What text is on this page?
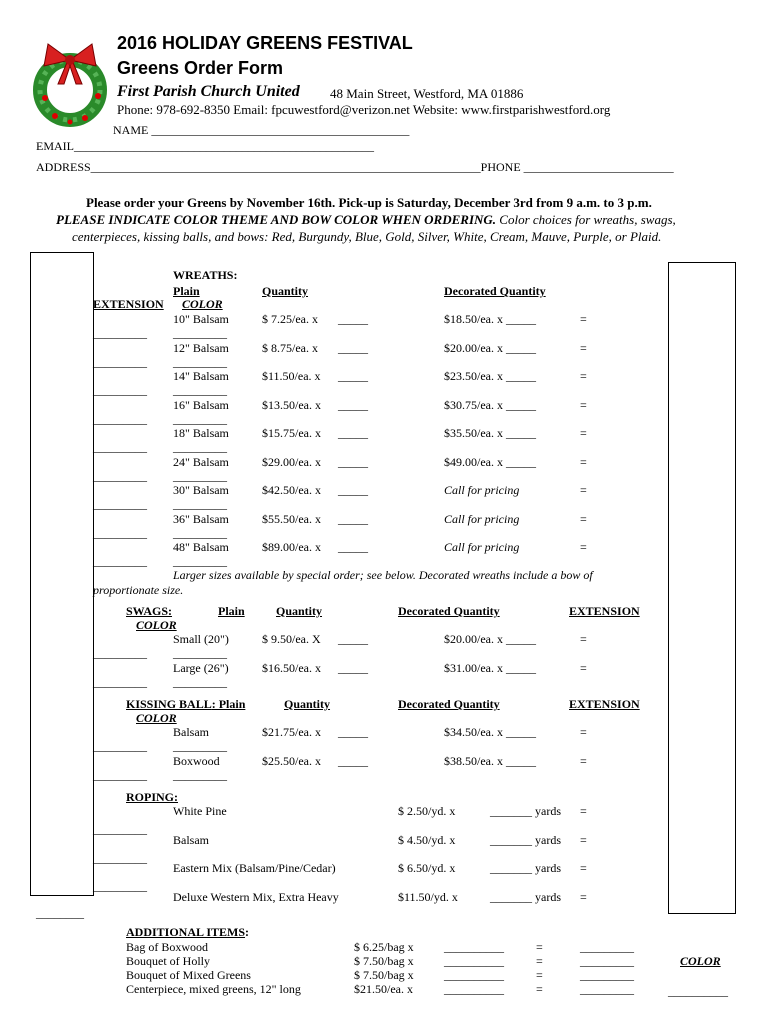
2016 HOLIDAY GREENS FESTIVAL
Greens Order Form
First Parish Church United 48 Main Street, Westford, MA 01886
Phone: 978-692-8350 Email: fpcuwestford@verizon.net Website: www.firstparishwestford.org
NAME ___________________________________________
EMAIL__________________________________________________
ADDRESS_________________________________________________________________PHONE _________________________
Please order your Greens by November 16th. Pick-up is Saturday, December 3rd from 9 a.m. to 3 p.m.
PLEASE INDICATE COLOR THEME AND BOW COLOR WHEN ORDERING. Color choices for wreaths, swags,
centerpieces, kissing balls, and bows: Red, Burgundy, Blue, Gold, Silver, White, Cream, Mauve, Purple, or Plaid.
WREATHS:
Plain	Quantity	Decorated Quantity
EXTENSION COLOR
10" Balsam	$ 7.25/ea. x _____	$18.50/ea. x _____	=
_________ _________
12" Balsam	$ 8.75/ea. x _____	$20.00/ea. x _____	=
_________ _________
14" Balsam	$11.50/ea. x _____	$23.50/ea. x _____	=
_________ _________
16" Balsam	$13.50/ea. x _____	$30.75/ea. x _____	=
_________ _________
18" Balsam	$15.75/ea. x _____	$35.50/ea. x _____	=
_________ _________
24" Balsam	$29.00/ea. x _____	$49.00/ea. x _____	=
_________ _________
30" Balsam	$42.50/ea. x _____	Call for pricing	=
_________ _________
36" Balsam	$55.50/ea. x _____	Call for pricing	=
_________ _________
48" Balsam	$89.00/ea. x _____	Call for pricing	=
_________ _________
Larger sizes available by special order; see below. Decorated wreaths include a bow of
proportionate size.
SWAGS:	Plain	Quantity	Decorated Quantity	EXTENSION
COLOR
Small (20")	$ 9.50/ea. X _____	$20.00/ea. x _____	=
_________ _________
Large (26")	$16.50/ea. x _____	$31.00/ea. x _____	=
_________ _________
KISSING BALL: Plain	Quantity	Decorated Quantity	EXTENSION
COLOR
Balsam	$21.75/ea. x _____	$34.50/ea. x _____	=
_________ _________
Boxwood	$25.50/ea. x _____	$38.50/ea. x _____	=
_________ _________
ROPING:
White Pine	$ 2.50/yd. x	_______ yards =
_________
Balsam	$ 4.50/yd. x	_______ yards =
_________
Eastern Mix (Balsam/Pine/Cedar)	$ 6.50/yd. x	_______ yards =
_________
Deluxe Western Mix, Extra Heavy	$11.50/yd. x	_______ yards =
________
ADDITIONAL ITEMS:
COLOR
Bag of Boxwood	$ 6.25/bag x	__________	=	_________
Bouquet of Holly	$ 7.50/bag x	__________	=	_________
Bouquet of Mixed Greens	$ 7.50/bag x	__________	=	_________
Centerpiece, mixed greens, 12" long	$21.50/ea. x	__________	=	_________	__________
